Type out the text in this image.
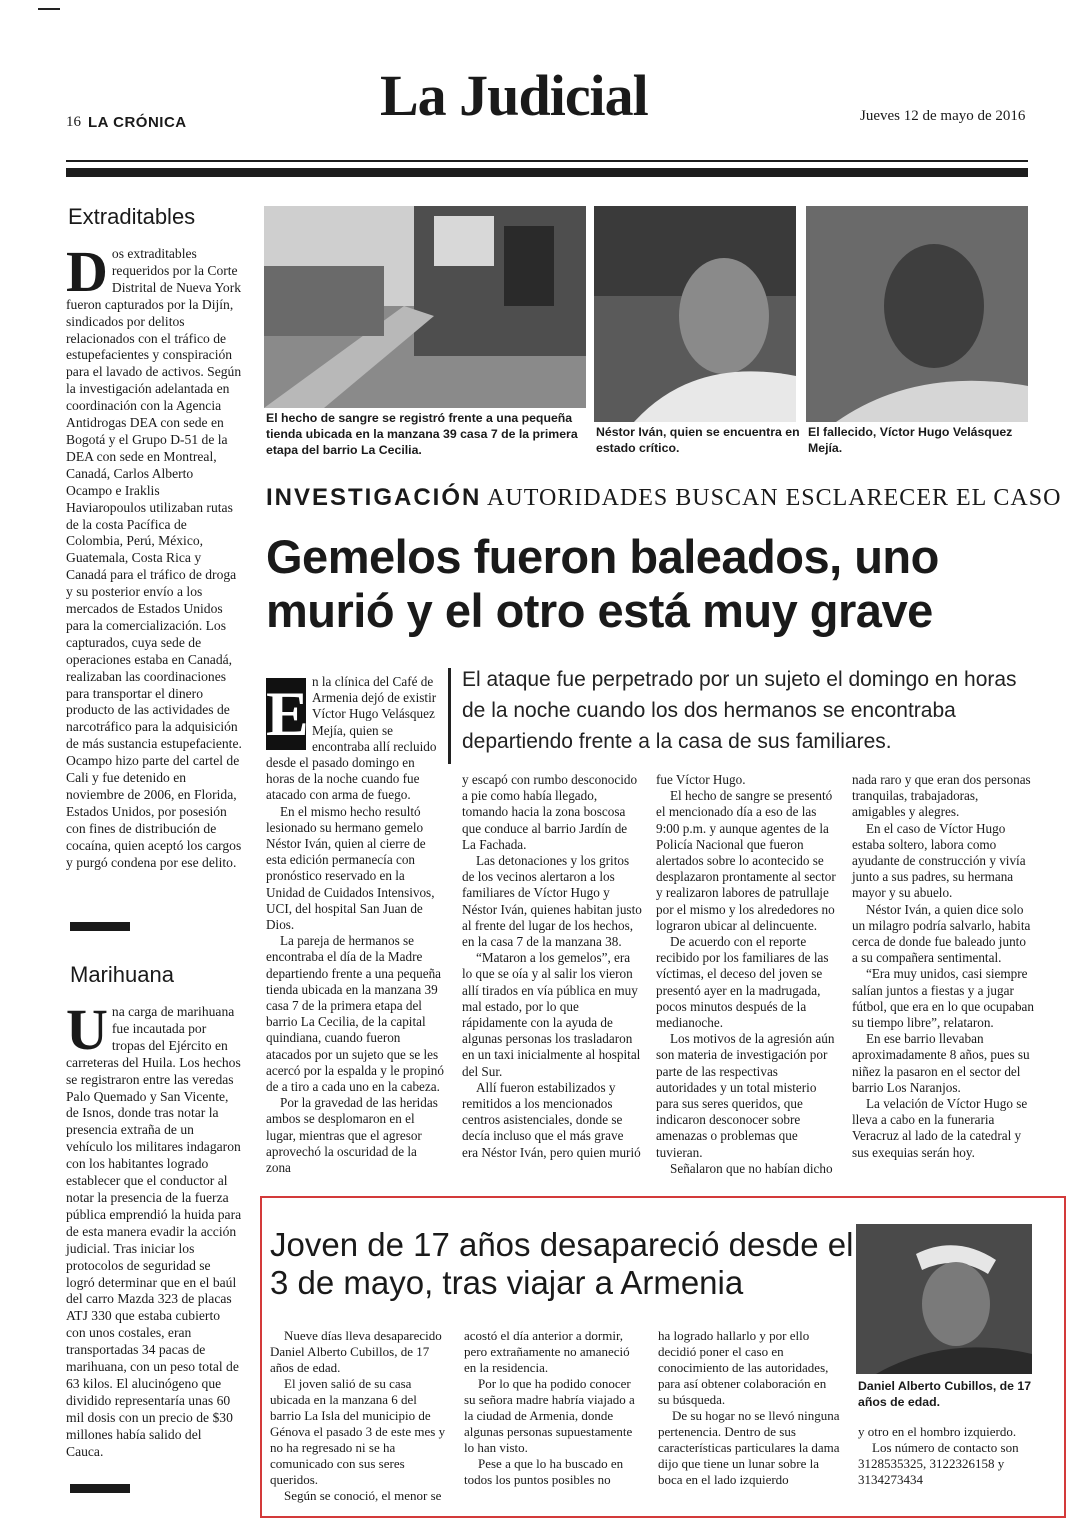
16 LA CRÓNICA	La Judicial	Jueves 12 de mayo de 2016
Extraditables
D os extraditables requeridos por la Corte Distrital de Nueva York fueron capturados por la Dijín, sindicados por delitos relacionados con el tráfico de estupefacientes y conspiración para el lavado de activos. Según la investigación adelantada en coordinación con la Agencia Antidrogas DEA con sede en Bogotá y el Grupo D-51 de la DEA con sede en Montreal, Canadá, Carlos Alberto Ocampo e Iraklis Haviaropoulos utilizaban rutas de la costa Pacífica de Colombia, Perú, México, Guatemala, Costa Rica y Canadá para el tráfico de droga y su posterior envío a los mercados de Estados Unidos para la comercialización. Los capturados, cuya sede de operaciones estaba en Canadá, realizaban las coordinaciones para transportar el dinero producto de las actividades de narcotráfico para la adquisición de más sustancia estupefaciente. Ocampo hizo parte del cartel de Cali y fue detenido en noviembre de 2006, en Florida, Estados Unidos, por posesión con fines de distribución de cocaína, quien aceptó los cargos y purgó condena por ese delito.
Marihuana
U na carga de marihuana fue incautada por tropas del Ejército en carreteras del Huila. Los hechos se registraron entre las veredas Palo Quemado y San Vicente, de Isnos, donde tras notar la presencia extraña de un vehículo los militares indagaron con los habitantes logrado establecer que el conductor al notar la presencia de la fuerza pública emprendió la huida para de esta manera evadir la acción judicial. Tras iniciar los protocolos de seguridad se logró determinar que en el baúl del carro Mazda 323 de placas ATJ 330 que estaba cubierto con unos costales, eran transportadas 34 pacas de marihuana, con un peso total de 63 kilos. El alucinógeno que dividido representaría unas 60 mil dosis con un precio de $30 millones había salido del Cauca.
El hecho de sangre se registró frente a una pequeña tienda ubicada en la manzana 39 casa 7 de la primera etapa del barrio La Cecilia.
Néstor Iván, quien se encuentra en estado crítico.
El fallecido, Víctor Hugo Velásquez Mejía.
INVESTIGACIÓN AUTORIDADES BUSCAN ESCLARECER EL CASO
Gemelos fueron baleados, uno murió y el otro está muy grave
El ataque fue perpetrado por un sujeto el domingo en horas de la noche cuando los dos hermanos se encontraba departiendo frente a la casa de sus familiares.
E n la clínica del Café de Armenia dejó de existir Víctor Hugo Velásquez Mejía, quien se encontraba allí recluido desde el pasado domingo en horas de la noche cuando fue atacado con arma de fuego.

En el mismo hecho resultó lesionado su hermano gemelo Néstor Iván, quien al cierre de esta edición permanecía con pronóstico reservado en la Unidad de Cuidados Intensivos, UCI, del hospital San Juan de Dios.

La pareja de hermanos se encontraba el día de la Madre departiendo frente a una pequeña tienda ubicada en la manzana 39 casa 7 de la primera etapa del barrio La Cecilia, de la capital quindiana, cuando fueron atacados por un sujeto que se les acercó por la espalda y le propinó de a tiro a cada uno en la cabeza.

Por la gravedad de las heridas ambos se desplomaron en el lugar, mientras que el agresor aprovechó la oscuridad de la zona

y escapó con rumbo desconocido a pie como había llegado, tomando hacia la zona boscosa que conduce al barrio Jardín de La Fachada.

Las detonaciones y los gritos de los vecinos alertaron a los familiares de Víctor Hugo y Néstor Iván, quienes habitan justo al frente del lugar de los hechos, en la casa 7 de la manzana 38.

“Mataron a los gemelos”, era lo que se oía y al salir los vieron allí tirados en vía pública en muy mal estado, por lo que rápidamente con la ayuda de algunas personas los trasladaron en un taxi inicialmente al hospital del Sur.

Allí fueron estabilizados y remitidos a los mencionados centros asistenciales, donde se decía incluso que el más grave era Néstor Iván, pero quien murió

fue Víctor Hugo.

El hecho de sangre se presentó el mencionado día a eso de las 9:00 p.m. y aunque agentes de la Policía Nacional que fueron alertados sobre lo acontecido se desplazaron prontamente al sector y realizaron labores de patrullaje por el mismo y los alrededores no lograron ubicar al delincuente.

De acuerdo con el reporte recibido por los familiares de las víctimas, el deceso del joven se presentó ayer en la madrugada, pocos minutos después de la medianoche.

Los motivos de la agresión aún son materia de investigación por parte de las respectivas autoridades y un total misterio para sus seres queridos, que indicaron desconocer sobre amenazas o problemas que tuvieran.

Señalaron que no habían dicho

nada raro y que eran dos personas tranquilas, trabajadoras, amigables y alegres.

En el caso de Víctor Hugo estaba soltero, labora como ayudante de construcción y vivía junto a sus padres, su hermana mayor y su abuelo.

Néstor Iván, a quien dice solo un milagro podría salvarlo, habita cerca de donde fue baleado junto a su compañera sentimental.

“Era muy unidos, casi siempre salían juntos a fiestas y a jugar fútbol, que era en lo que ocupaban su tiempo libre”, relataron.

En ese barrio llevaban aproximadamente 8 años, pues su niñez la pasaron en el sector del barrio Los Naranjos.

La velación de Víctor Hugo se lleva a cabo en la funeraria Veracruz al lado de la catedral y sus exequias serán hoy.

Joven de 17 años desapareció desde el 3 de mayo, tras viajar a Armenia

Nueve días lleva desaparecido Daniel Alberto Cubillos, de 17 años de edad.

El joven salió de su casa ubicada en la manzana 6 del barrio La Isla del municipio de Génova el pasado 3 de este mes y no ha regresado ni se ha comunicado con sus seres queridos.

Según se conoció, el menor se

acostó el día anterior a dormir, pero extrañamente no amaneció en la residencia.

Por lo que ha podido conocer su señora madre habría viajado a la ciudad de Armenia, donde algunas personas supuestamente lo han visto.

Pese a que lo ha buscado en todos los puntos posibles no

ha logrado hallarlo y por ello decidió poner el caso en conocimiento de las autoridades, para así obtener colaboración en su búsqueda.

De su hogar no se llevó ninguna pertenencia. Dentro de sus características particulares la dama dijo que tiene un lunar sobre la boca en el lado izquierdo

Daniel Alberto Cubillos, de 17 años de edad.

y otro en el hombro izquierdo.

Los número de contacto son 3128535325, 3122326158 y 3134273434
